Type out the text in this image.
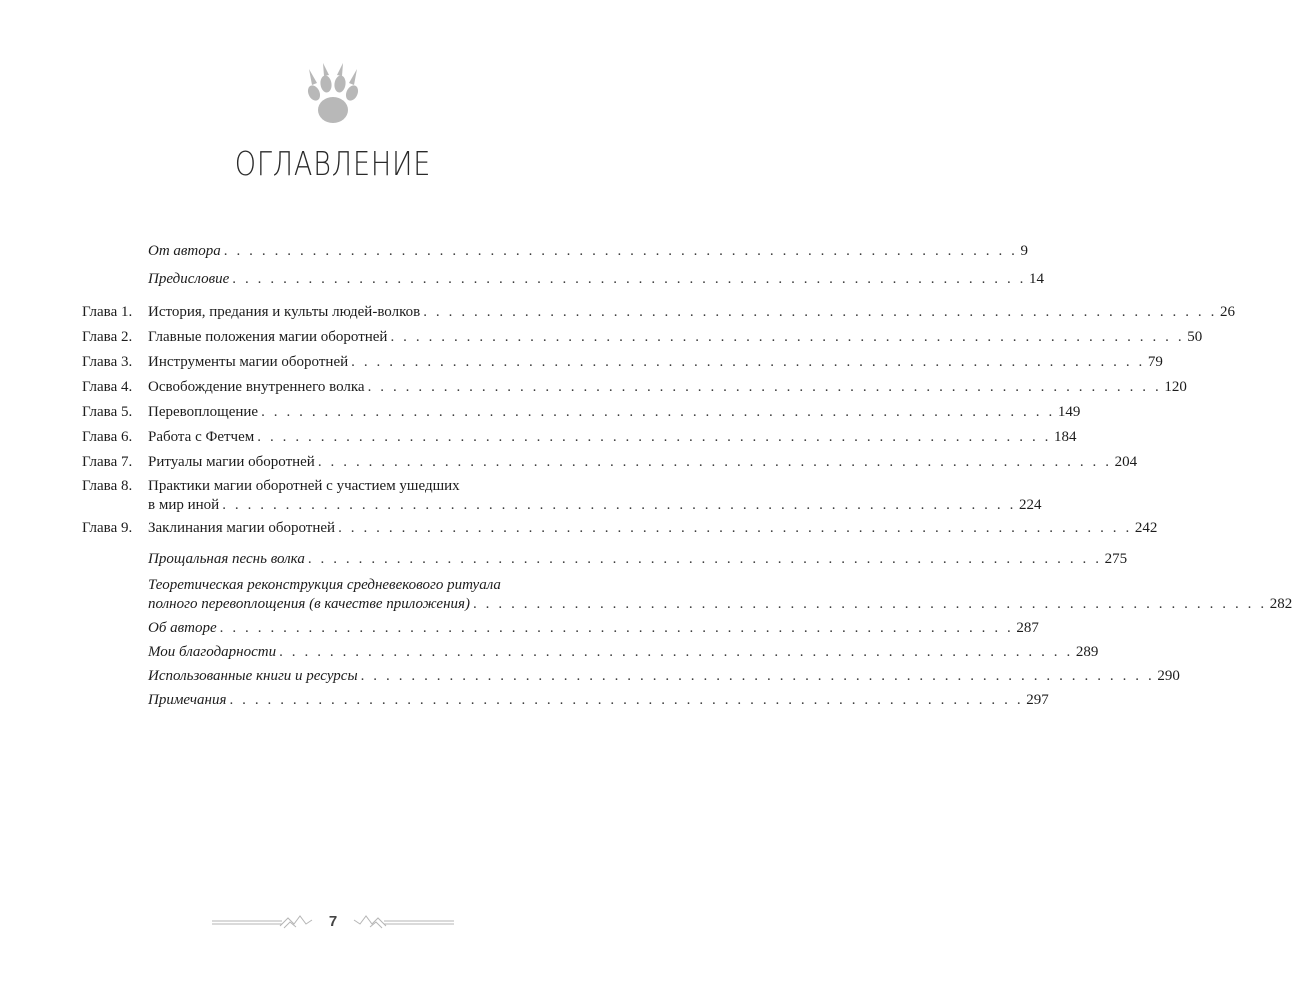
ОГЛАВЛЕНИЕ
От автора . . . . . . . . . . . . . . . . . . . . . . . . . . . . . . . . . . . . . . . . . . . . . . . . . . . . . . . . . . . . . . . 9
Предисловие . . . . . . . . . . . . . . . . . . . . . . . . . . . . . . . . . . . . . . . . . . . . . . . . . . . . . . . . . . . . . . . 14
Глава 1. История, предания и культы людей-волков . . . . . . . . . . . . . . . . . . . . . . . . . . . . . . . . . . . . . . . . . . . . . . . . . . . . . . . . . . . . . . . 26
Глава 2. Главные положения магии оборотней . . . . . . . . . . . . . . . . . . . . . . . . . . . . . . . . . . . . . . . . . . . . . . . . . . . . . . . . . . . . . . . 50
Глава 3. Инструменты магии оборотней . . . . . . . . . . . . . . . . . . . . . . . . . . . . . . . . . . . . . . . . . . . . . . . . . . . . . . . . . . . . . . . 79
Глава 4. Освобождение внутреннего волка . . . . . . . . . . . . . . . . . . . . . . . . . . . . . . . . . . . . . . . . . . . . . . . . . . . . . . . . . . . . . . . 120
Глава 5. Перевоплощение . . . . . . . . . . . . . . . . . . . . . . . . . . . . . . . . . . . . . . . . . . . . . . . . . . . . . . . . . . . . . . . 149
Глава 6. Работа с Фетчем . . . . . . . . . . . . . . . . . . . . . . . . . . . . . . . . . . . . . . . . . . . . . . . . . . . . . . . . . . . . . . . 184
Глава 7. Ритуалы магии оборотней . . . . . . . . . . . . . . . . . . . . . . . . . . . . . . . . . . . . . . . . . . . . . . . . . . . . . . . . . . . . . . . 204
Глава 8. Практики магии оборотней с участием ушедших
в мир иной . . . . . . . . . . . . . . . . . . . . . . . . . . . . . . . . . . . . . . . . . . . . . . . . . . . . . . . . . . . . . . . 224
Глава 9. Заклинания магии оборотней . . . . . . . . . . . . . . . . . . . . . . . . . . . . . . . . . . . . . . . . . . . . . . . . . . . . . . . . . . . . . . . 242
Прощальная песнь волка . . . . . . . . . . . . . . . . . . . . . . . . . . . . . . . . . . . . . . . . . . . . . . . . . . . . . . . . . . . . . . . 275
Теоретическая реконструкция средневекового ритуала
полного перевоплощения (в качестве приложения) . . . . . . . . . . . . . . . . . . . . . . . . . . . . . . . . . . . . . . . . . . . . . . . . . . . . . . . . . . . . . . . 282
Об авторе . . . . . . . . . . . . . . . . . . . . . . . . . . . . . . . . . . . . . . . . . . . . . . . . . . . . . . . . . . . . . . . 287
Мои благодарности . . . . . . . . . . . . . . . . . . . . . . . . . . . . . . . . . . . . . . . . . . . . . . . . . . . . . . . . . . . . . . . 289
Использованные книги и ресурсы . . . . . . . . . . . . . . . . . . . . . . . . . . . . . . . . . . . . . . . . . . . . . . . . . . . . . . . . . . . . . . . 290
Примечания . . . . . . . . . . . . . . . . . . . . . . . . . . . . . . . . . . . . . . . . . . . . . . . . . . . . . . . . . . . . . . . 297
7
